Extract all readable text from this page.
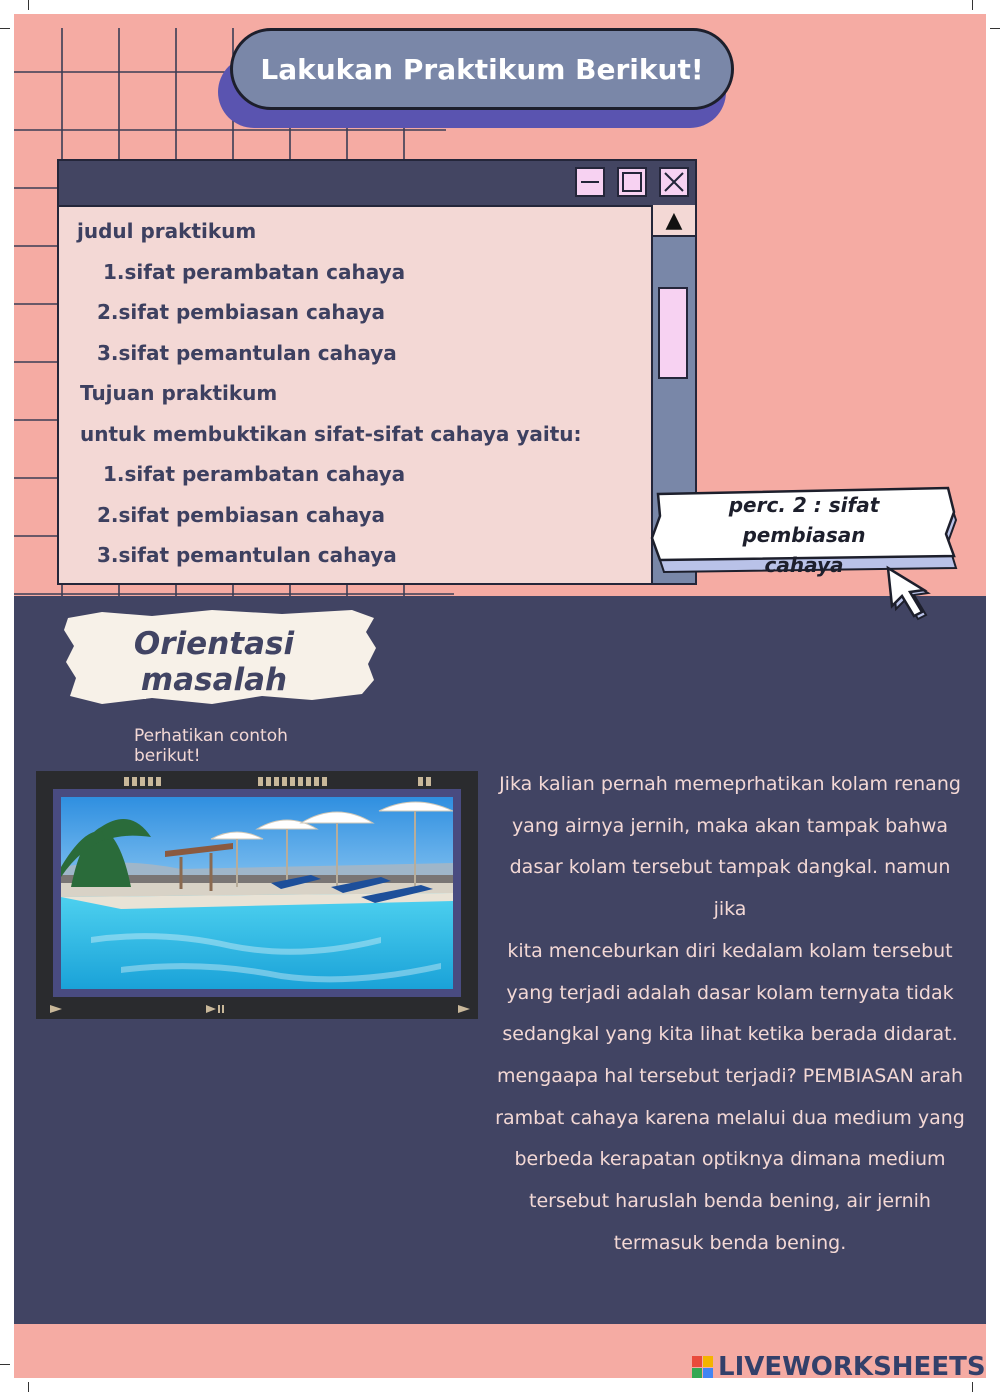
Lakukan Praktikum Berikut!
judul praktikum
1.sifat perambatan cahaya
2.sifat pembiasan cahaya
3.sifat pemantulan cahaya
Tujuan praktikum
untuk membuktikan sifat-sifat cahaya yaitu:
1.sifat perambatan cahaya
2.sifat pembiasan cahaya
3.sifat pemantulan cahaya
▲
perc. 2 : sifat pembiasan
cahaya
Orientasi masalah
Perhatikan contoh berikut!
Jika kalian pernah memeprhatikan kolam renang
yang airnya jernih, maka akan tampak bahwa
dasar kolam tersebut tampak dangkal. namun jika
kita menceburkan diri kedalam kolam tersebut
yang terjadi adalah dasar kolam ternyata tidak
sedangkal yang kita lihat ketika berada didarat.
mengaapa hal tersebut terjadi? PEMBIASAN arah
rambat cahaya karena melalui dua medium yang
berbeda kerapatan optiknya dimana medium
tersebut haruslah benda bening, air jernih
termasuk benda bening.
LIVEWORKSHEETS
